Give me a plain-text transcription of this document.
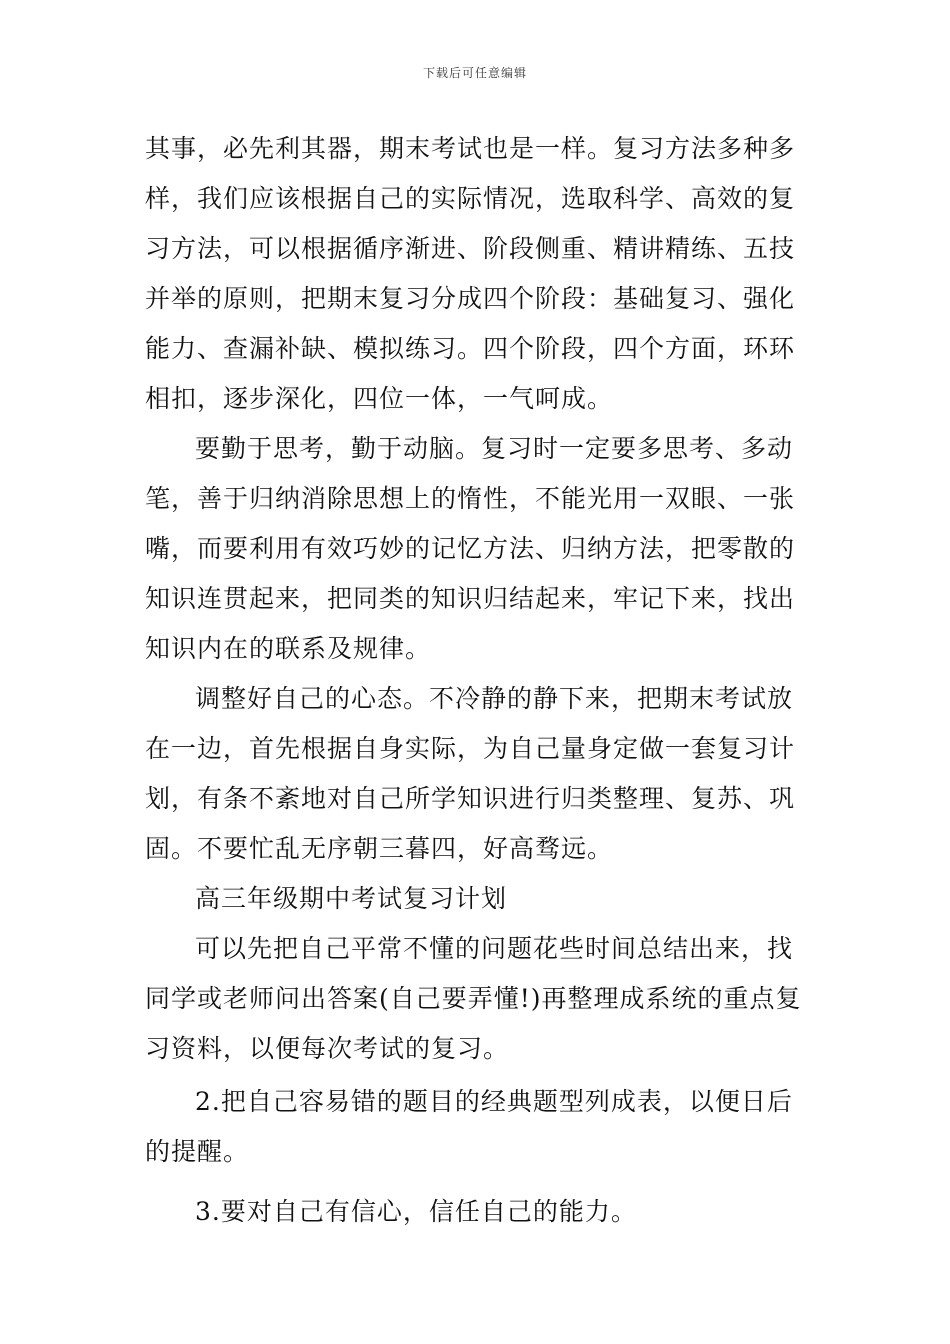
下载后可任意编辑
其事，必先利其器，期末考试也是一样。复习方法多种多
样，我们应该根据自己的实际情况，选取科学、高效的复
习方法，可以根据循序渐进、阶段侧重、精讲精练、五技
并举的原则，把期末复习分成四个阶段：基础复习、强化
能力、查漏补缺、模拟练习。四个阶段，四个方面，环环
相扣，逐步深化，四位一体，一气呵成。
要勤于思考，勤于动脑。复习时一定要多思考、多动
笔，善于归纳消除思想上的惰性，不能光用一双眼、一张
嘴，而要利用有效巧妙的记忆方法、归纳方法，把零散的
知识连贯起来，把同类的知识归结起来，牢记下来，找出
知识内在的联系及规律。
调整好自己的心态。不冷静的静下来，把期末考试放
在一边，首先根据自身实际，为自己量身定做一套复习计
划，有条不紊地对自己所学知识进行归类整理、复苏、巩
固。不要忙乱无序朝三暮四，好高骛远。
高三年级期中考试复习计划
可以先把自己平常不懂的问题花些时间总结出来，找
同学或老师问出答案(自己要弄懂!)再整理成系统的重点复
习资料，以便每次考试的复习。
2.把自己容易错的题目的经典题型列成表，以便日后
的提醒。
3.要对自己有信心，信任自己的能力。
